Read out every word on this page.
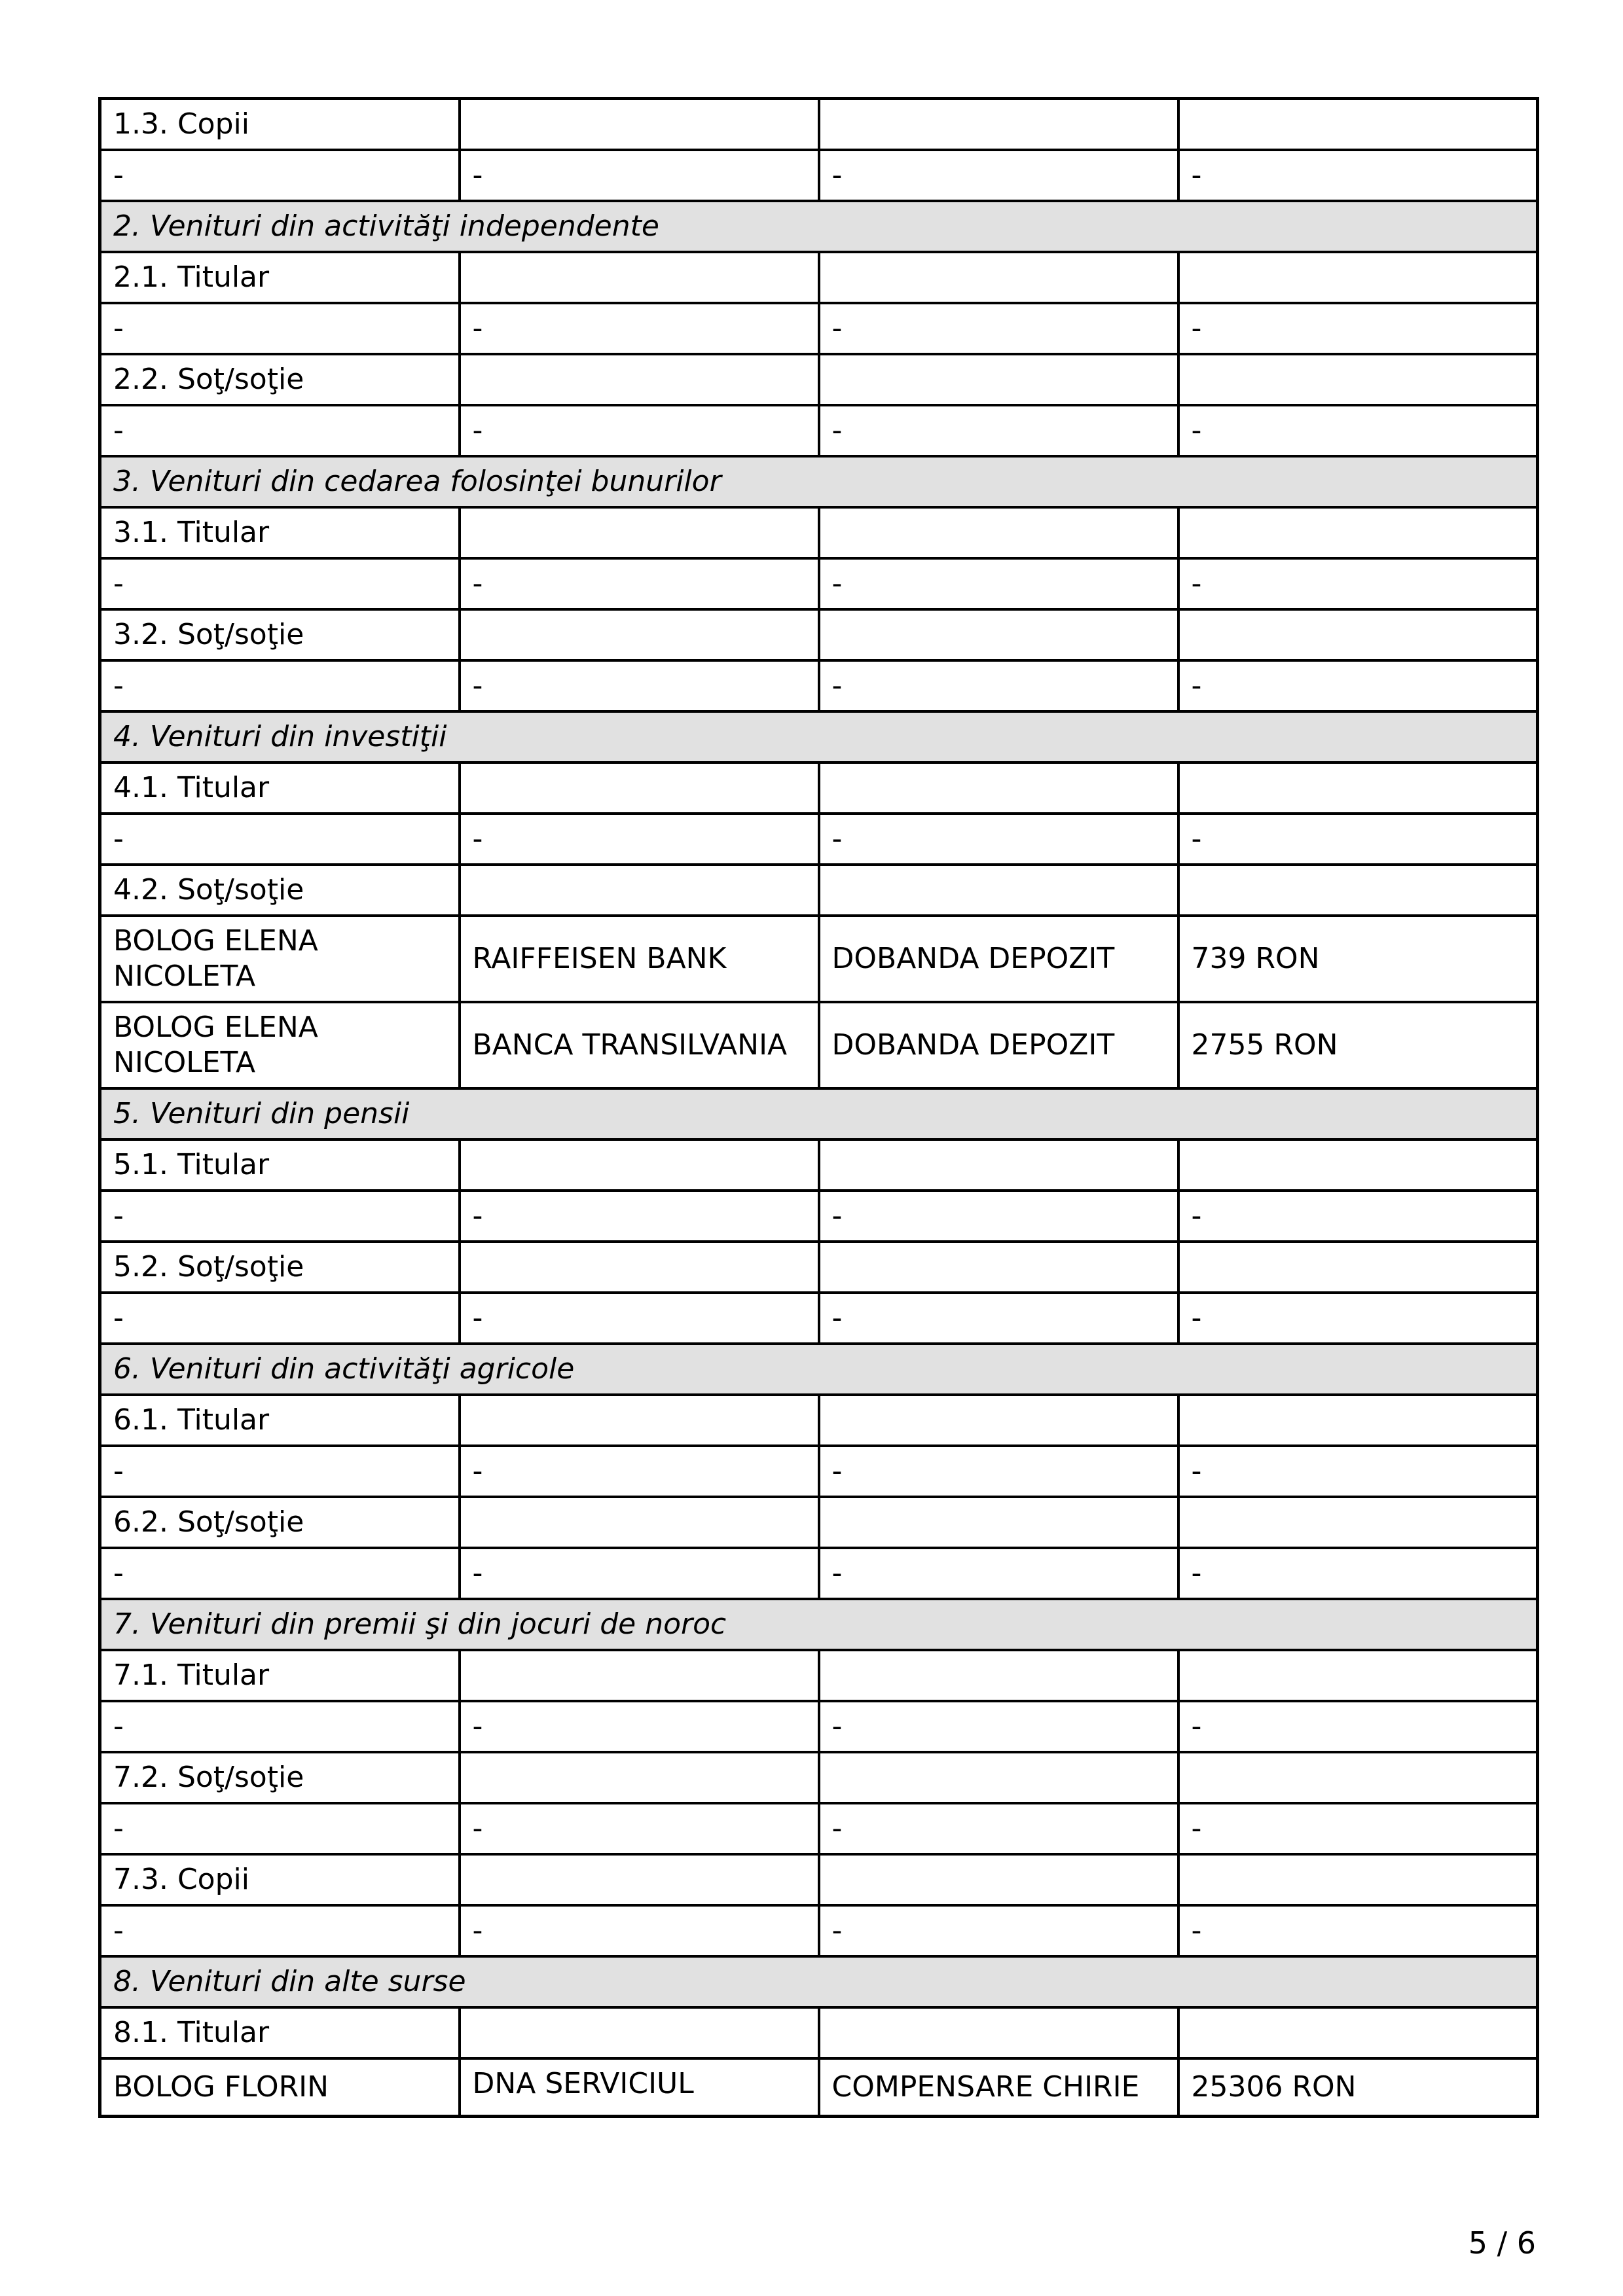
1.3. Copii			
-	-	-	-
2. Venituri din activităţi independente			
2.1. Titular			
-	-	-	-
2.2. Soţ/soţie			
-	-	-	-
3. Venituri din cedarea folosinţei bunurilor			
3.1. Titular			
-	-	-	-
3.2. Soţ/soţie			
-	-	-	-
4. Venituri din investiţii			
4.1. Titular			
-	-	-	-
4.2. Soţ/soţie			
BOLOG ELENA NICOLETA	RAIFFEISEN BANK	DOBANDA DEPOZIT	739 RON
BOLOG ELENA NICOLETA	BANCA TRANSILVANIA	DOBANDA DEPOZIT	2755 RON
5. Venituri din pensii			
5.1. Titular			
-	-	-	-
5.2. Soţ/soţie			
-	-	-	-
6. Venituri din activităţi agricole			
6.1. Titular			
-	-	-	-
6.2. Soţ/soţie			
-	-	-	-
7. Venituri din premii şi din jocuri de noroc			
7.1. Titular			
-	-	-	-
7.2. Soţ/soţie			
-	-	-	-
7.3. Copii			
-	-	-	-
8. Venituri din alte surse			
8.1. Titular			
BOLOG FLORIN	DNA SERVICIUL	COMPENSARE CHIRIE	25306 RON
5 / 6
